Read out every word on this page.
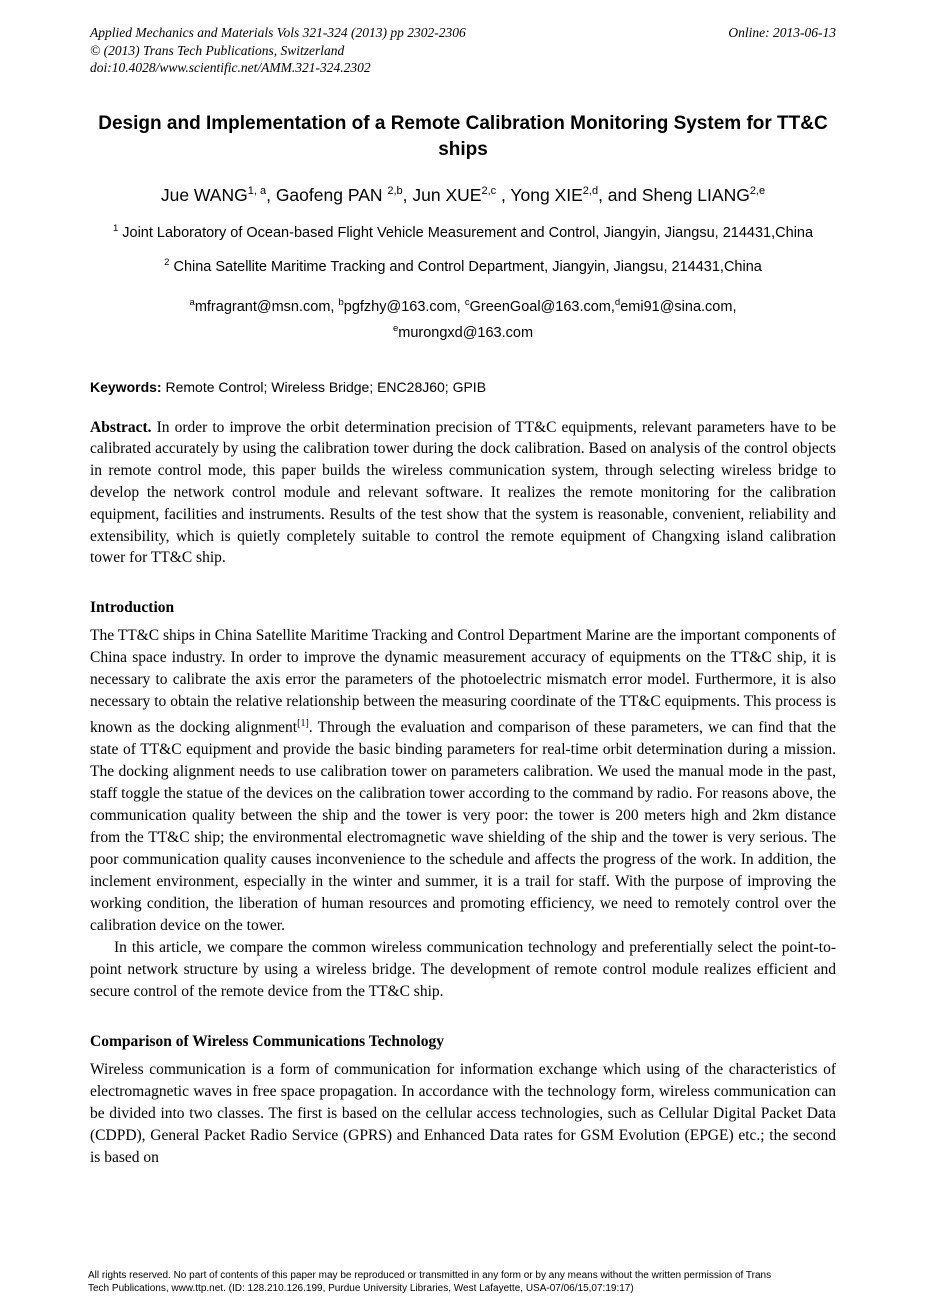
Applied Mechanics and Materials Vols 321-324 (2013) pp 2302-2306	Online: 2013-06-13
© (2013) Trans Tech Publications, Switzerland
doi:10.4028/www.scientific.net/AMM.321-324.2302
Design and Implementation of a Remote Calibration Monitoring System for TT&C ships

Jue WANG$^{1, a}$, Gaofeng PAN $^{2,b}$, Jun XUE$^{2,c}$ , Yong XIE$^{2,d}$, and Sheng LIANG$^{2,e}$

$^1$ Joint Laboratory of Ocean-based Flight Vehicle Measurement and Control, Jiangyin, Jiangsu, 214431,China

$^2$ China Satellite Maritime Tracking and Control Department, Jiangyin, Jiangsu, 214431,China

$^a$mfragrant@msn.com, $^b$pgfzhy@163.com, $^c$GreenGoal@163.com,$^d$emi91@sina.com,
$^e$murongxd@163.com

Keywords: Remote Control; Wireless Bridge; ENC28J60; GPIB

Abstract. In order to improve the orbit determination precision of TT&C equipments, relevant parameters have to be calibrated accurately by using the calibration tower during the dock calibration. Based on analysis of the control objects in remote control mode, this paper builds the wireless communication system, through selecting wireless bridge to develop the network control module and relevant software. It realizes the remote monitoring for the calibration equipment, facilities and instruments. Results of the test show that the system is reasonable, convenient, reliability and extensibility, which is quietly completely suitable to control the remote equipment of Changxing island calibration tower for TT&C ship.

Introduction

The TT&C ships in China Satellite Maritime Tracking and Control Department Marine are the important components of China space industry. In order to improve the dynamic measurement accuracy of equipments on the TT&C ship, it is necessary to calibrate the axis error the parameters of the photoelectric mismatch error model. Furthermore, it is also necessary to obtain the relative relationship between the measuring coordinate of the TT&C equipments. This process is known as the docking alignment[1]. Through the evaluation and comparison of these parameters, we can find that the state of TT&C equipment and provide the basic binding parameters for real-time orbit determination during a mission. The docking alignment needs to use calibration tower on parameters calibration. We used the manual mode in the past, staff toggle the statue of the devices on the calibration tower according to the command by radio. For reasons above, the communication quality between the ship and the tower is very poor: the tower is 200 meters high and 2km distance from the TT&C ship; the environmental electromagnetic wave shielding of the ship and the tower is very serious. The poor communication quality causes inconvenience to the schedule and affects the progress of the work. In addition, the inclement environment, especially in the winter and summer, it is a trail for staff. With the purpose of improving the working condition, the liberation of human resources and promoting efficiency, we need to remotely control over the calibration device on the tower.

In this article, we compare the common wireless communication technology and preferentially select the point-to-point network structure by using a wireless bridge. The development of remote control module realizes efficient and secure control of the remote device from the TT&C ship.

Comparison of Wireless Communications Technology

Wireless communication is a form of communication for information exchange which using of the characteristics of electromagnetic waves in free space propagation. In accordance with the technology form, wireless communication can be divided into two classes. The first is based on the cellular access technologies, such as Cellular Digital Packet Data (CDPD), General Packet Radio Service (GPRS) and Enhanced Data rates for GSM Evolution (EPGE) etc.; the second is based on

All rights reserved. No part of contents of this paper may be reproduced or transmitted in any form or by any means without the written permission of Trans
Tech Publications, www.ttp.net. (ID: 128.210.126.199, Purdue University Libraries, West Lafayette, USA-07/06/15,07:19:17)
